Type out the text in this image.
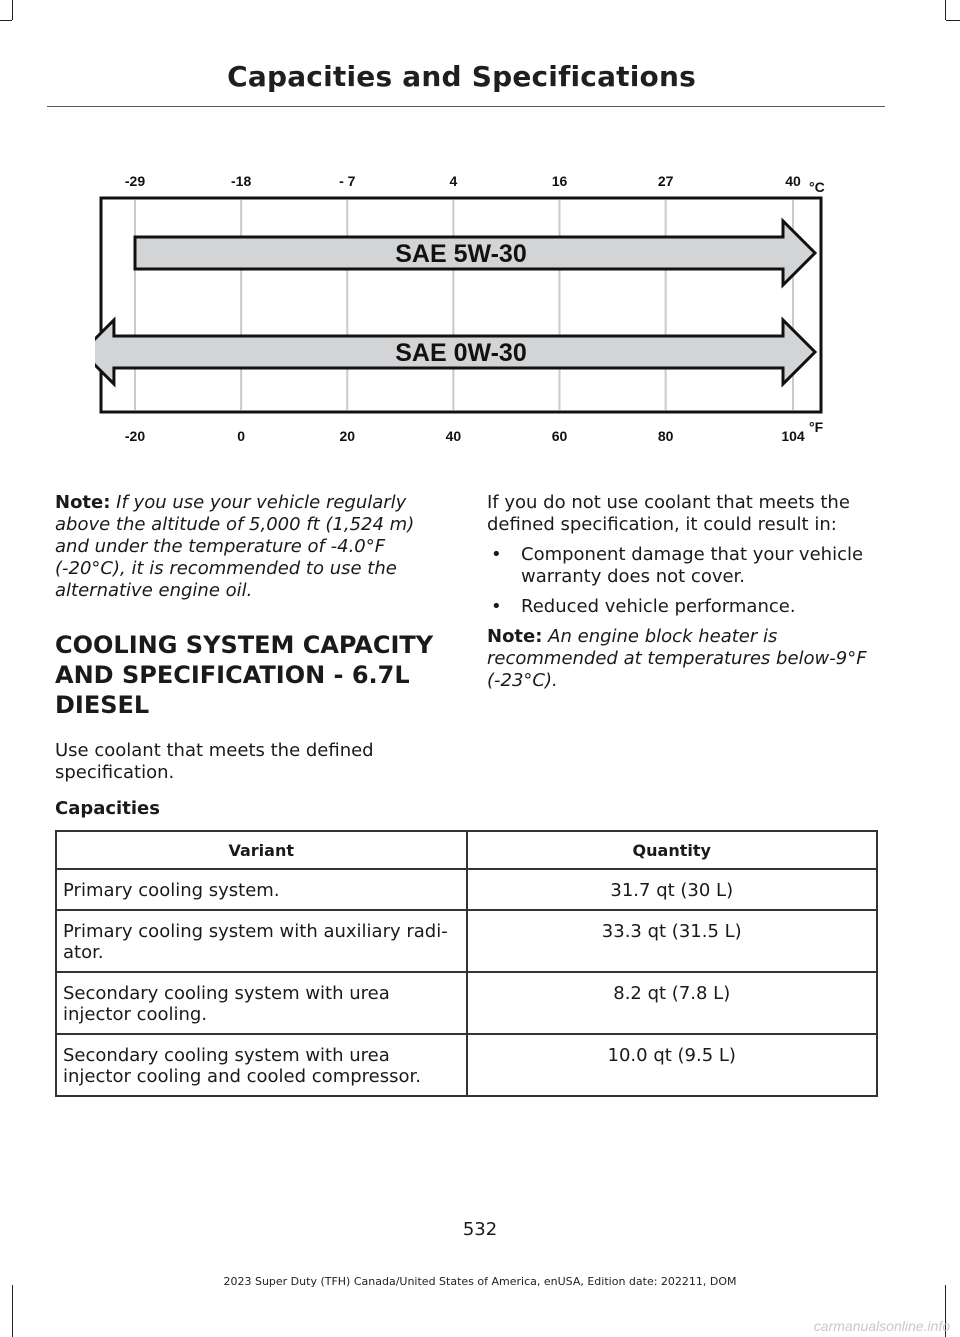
Capacities and Specifications
-29	-18	- 7	4	16	27	40 °C
-20	0	20	40	60	80	104
°F
SAE 5W-30
SAE 0W-30

Note: If you use your vehicle regularly above the altitude of 5,000 ft (1,524 m) and under the temperature of -4.0°F (-20°C), it is recommended to use the alternative engine oil.

COOLING SYSTEM CAPACITY AND SPECIFICATION - 6.7L DIESEL

Use coolant that meets the defined specification.

If you do not use coolant that meets the defined specification, it could result in:

• Component damage that your vehicle warranty does not cover.
• Reduced vehicle performance.

Note: An engine block heater is recommended at temperatures below-9°F (-23°C).

Capacities
Variant	Quantity
Primary cooling system.	31.7 qt (30 L)
Primary cooling system with auxiliary radi-ator.	33.3 qt (31.5 L)
Secondary cooling system with urea injector cooling.	8.2 qt (7.8 L)
Secondary cooling system with urea injector cooling and cooled compressor.	10.0 qt (9.5 L)
532
2023 Super Duty (TFH) Canada/United States of America, enUSA, Edition date: 202211, DOM
carmanualsonline.info
